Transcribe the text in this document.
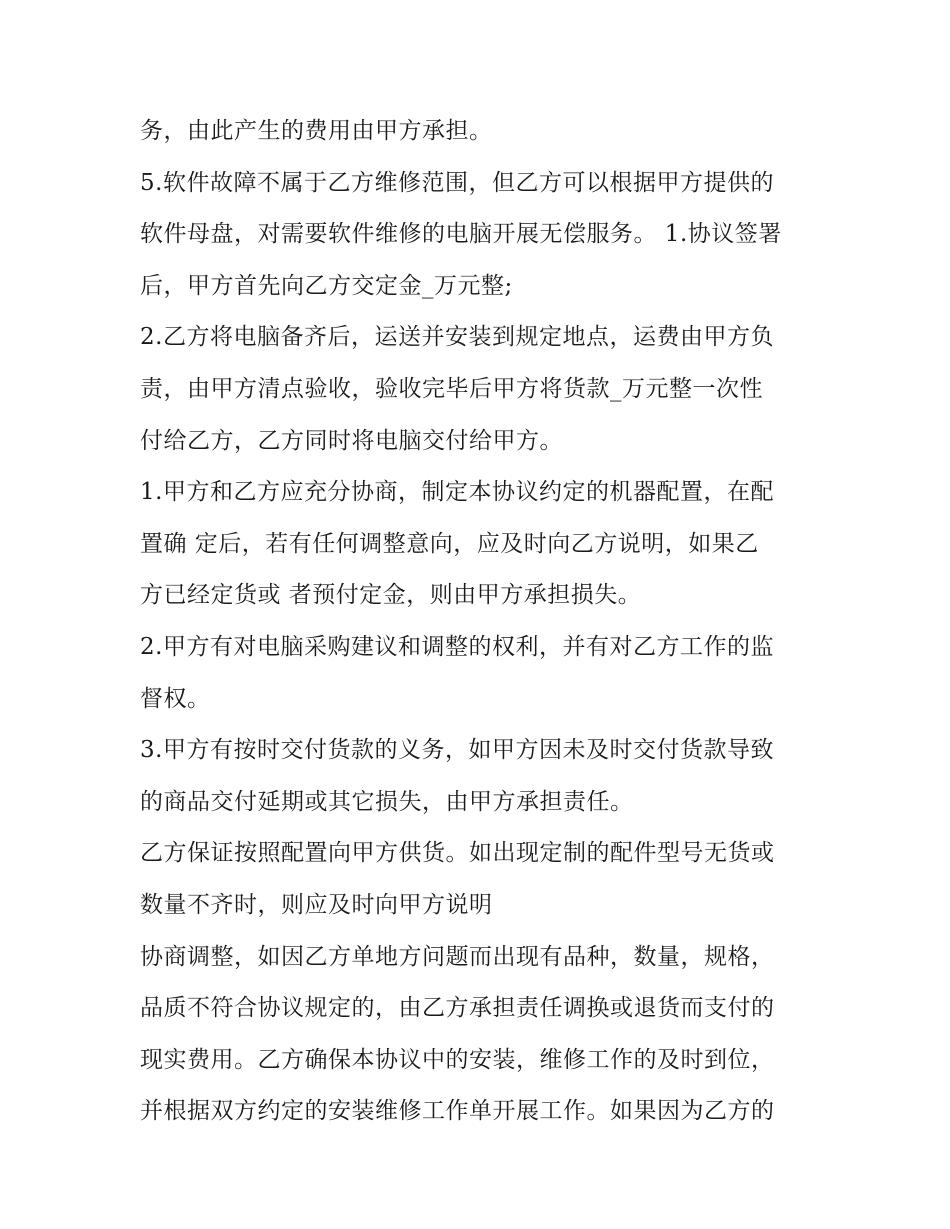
务，由此产生的费用由甲方承担。
5.软件故障不属于乙方维修范围，但乙方可以根据甲方提供的
软件母盘，对需要软件维修的电脑开展无偿服务。 1.协议签署
后，甲方首先向乙方交定金_万元整;
2.乙方将电脑备齐后，运送并安装到规定地点，运费由甲方负
责，由甲方清点验收，验收完毕后甲方将货款_万元整一次性
付给乙方，乙方同时将电脑交付给甲方。
1.甲方和乙方应充分协商，制定本协议约定的机器配置，在配
置确 定后，若有任何调整意向，应及时向乙方说明，如果乙
方已经定货或 者预付定金，则由甲方承担损失。
2.甲方有对电脑采购建议和调整的权利，并有对乙方工作的监
督权。
3.甲方有按时交付货款的义务，如甲方因未及时交付货款导致
的商品交付延期或其它损失，由甲方承担责任。
乙方保证按照配置向甲方供货。如出现定制的配件型号无货或
数量不齐时，则应及时向甲方说明
协商调整，如因乙方单地方问题而出现有品种，数量，规格，
品质不符合协议规定的，由乙方承担责任调换或退货而支付的
现实费用。乙方确保本协议中的安装，维修工作的及时到位，
并根据双方约定的安装维修工作单开展工作。如果因为乙方的
